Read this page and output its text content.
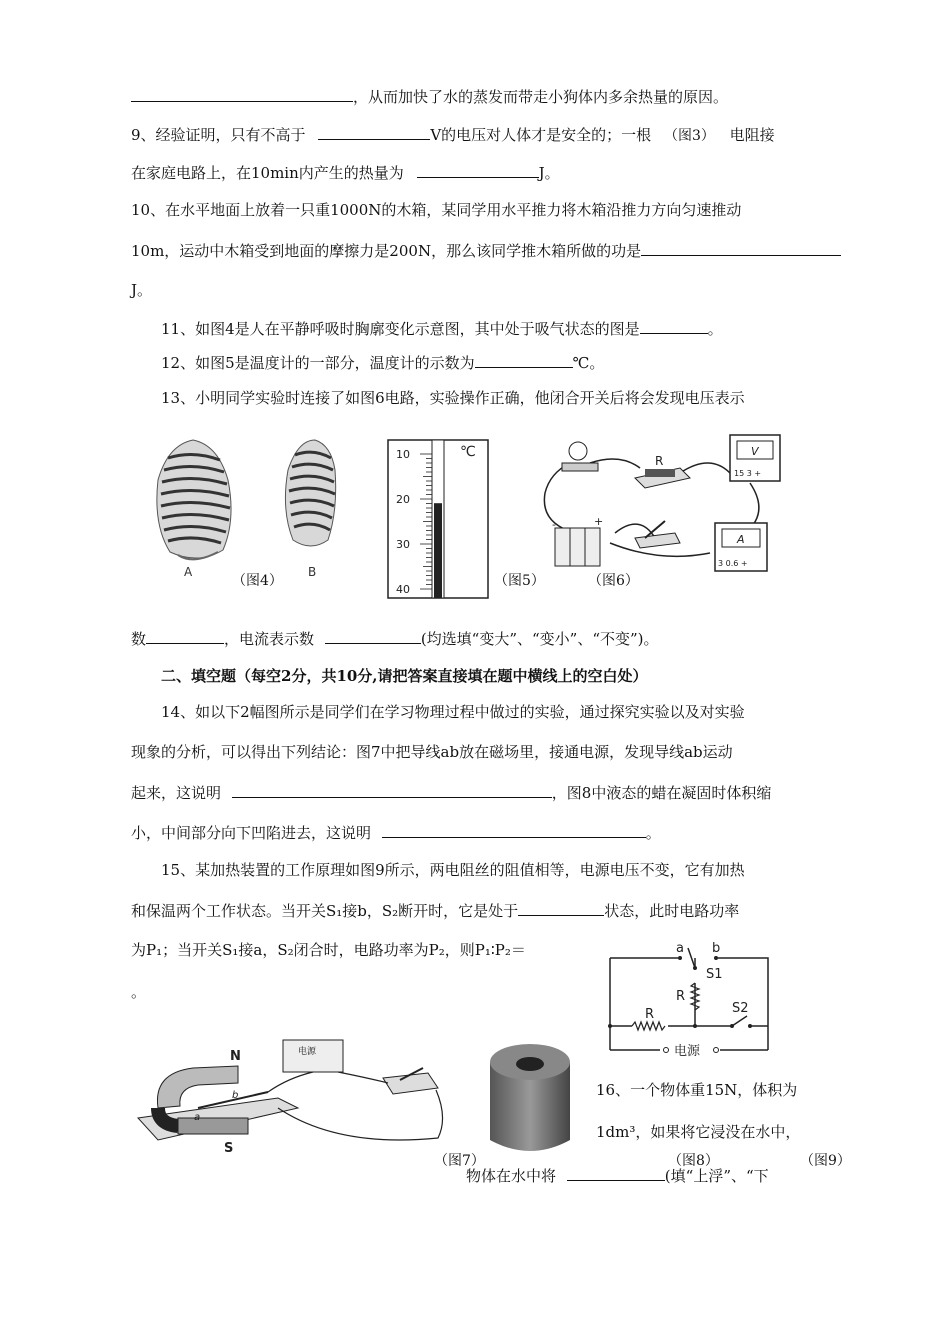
，从而加快了水的蒸发而带走小狗体内多余热量的原因。
9、经验证明，只有不高于	V的电压对人体才是安全的；一根 （图3） 电阻接
在家庭电路上，在10min内产生的热量为	J。
10、在水平地面上放着一只重1000N的木箱，某同学用水平推力将木箱沿推力方向匀速推动
10m，运动中木箱受到地面的摩擦力是200N，那么该同学推木箱所做的功是
J。
11、如图4是人在平静呼吸时胸廓变化示意图，其中处于吸气状态的图是	。
12、如图5是温度计的一部分，温度计的示数为	℃。
13、小明同学实验时连接了如图6电路，实验操作正确，他闭合开关后将会发现电压表示
A	B
（图4）
℃
10
20
30
40
（图5）
R
V
15 3 +
-	+
A
3 0.6 +
（图6）
数	，电流表示数	(均选填“变大”、“变小”、“不变”)。
二、填空题（每空2分，共10分,请把答案直接填在题中横线上的空白处）
14、如以下2幅图所示是同学们在学习物理过程中做过的实验，通过探究实验以及对实验
现象的分析，可以得出下列结论：图7中把导线ab放在磁场里，接通电源，发现导线ab运动
起来，这说明	，图8中液态的蜡在凝固时体积缩
小，中间部分向下凹陷进去，这说明	。
15、某加热装置的工作原理如图9所示，两电阻丝的阻值相等，电源电压不变，它有加热
和保温两个工作状态。当开关S₁接b，S₂断开时，它是处于	状态，此时电路功率
为P₁；当开关S₁接a，S₂闭合时，电路功率为P₂，则P₁∶P₂＝
。
a b
S1
R
R	S2
电源
N
S
a
b
电源
（图7）	（图8）	（图9）
16、一个物体重15N，体积为
1dm³，如果将它浸没在水中，
物体在水中将	(填“上浮”、“下
